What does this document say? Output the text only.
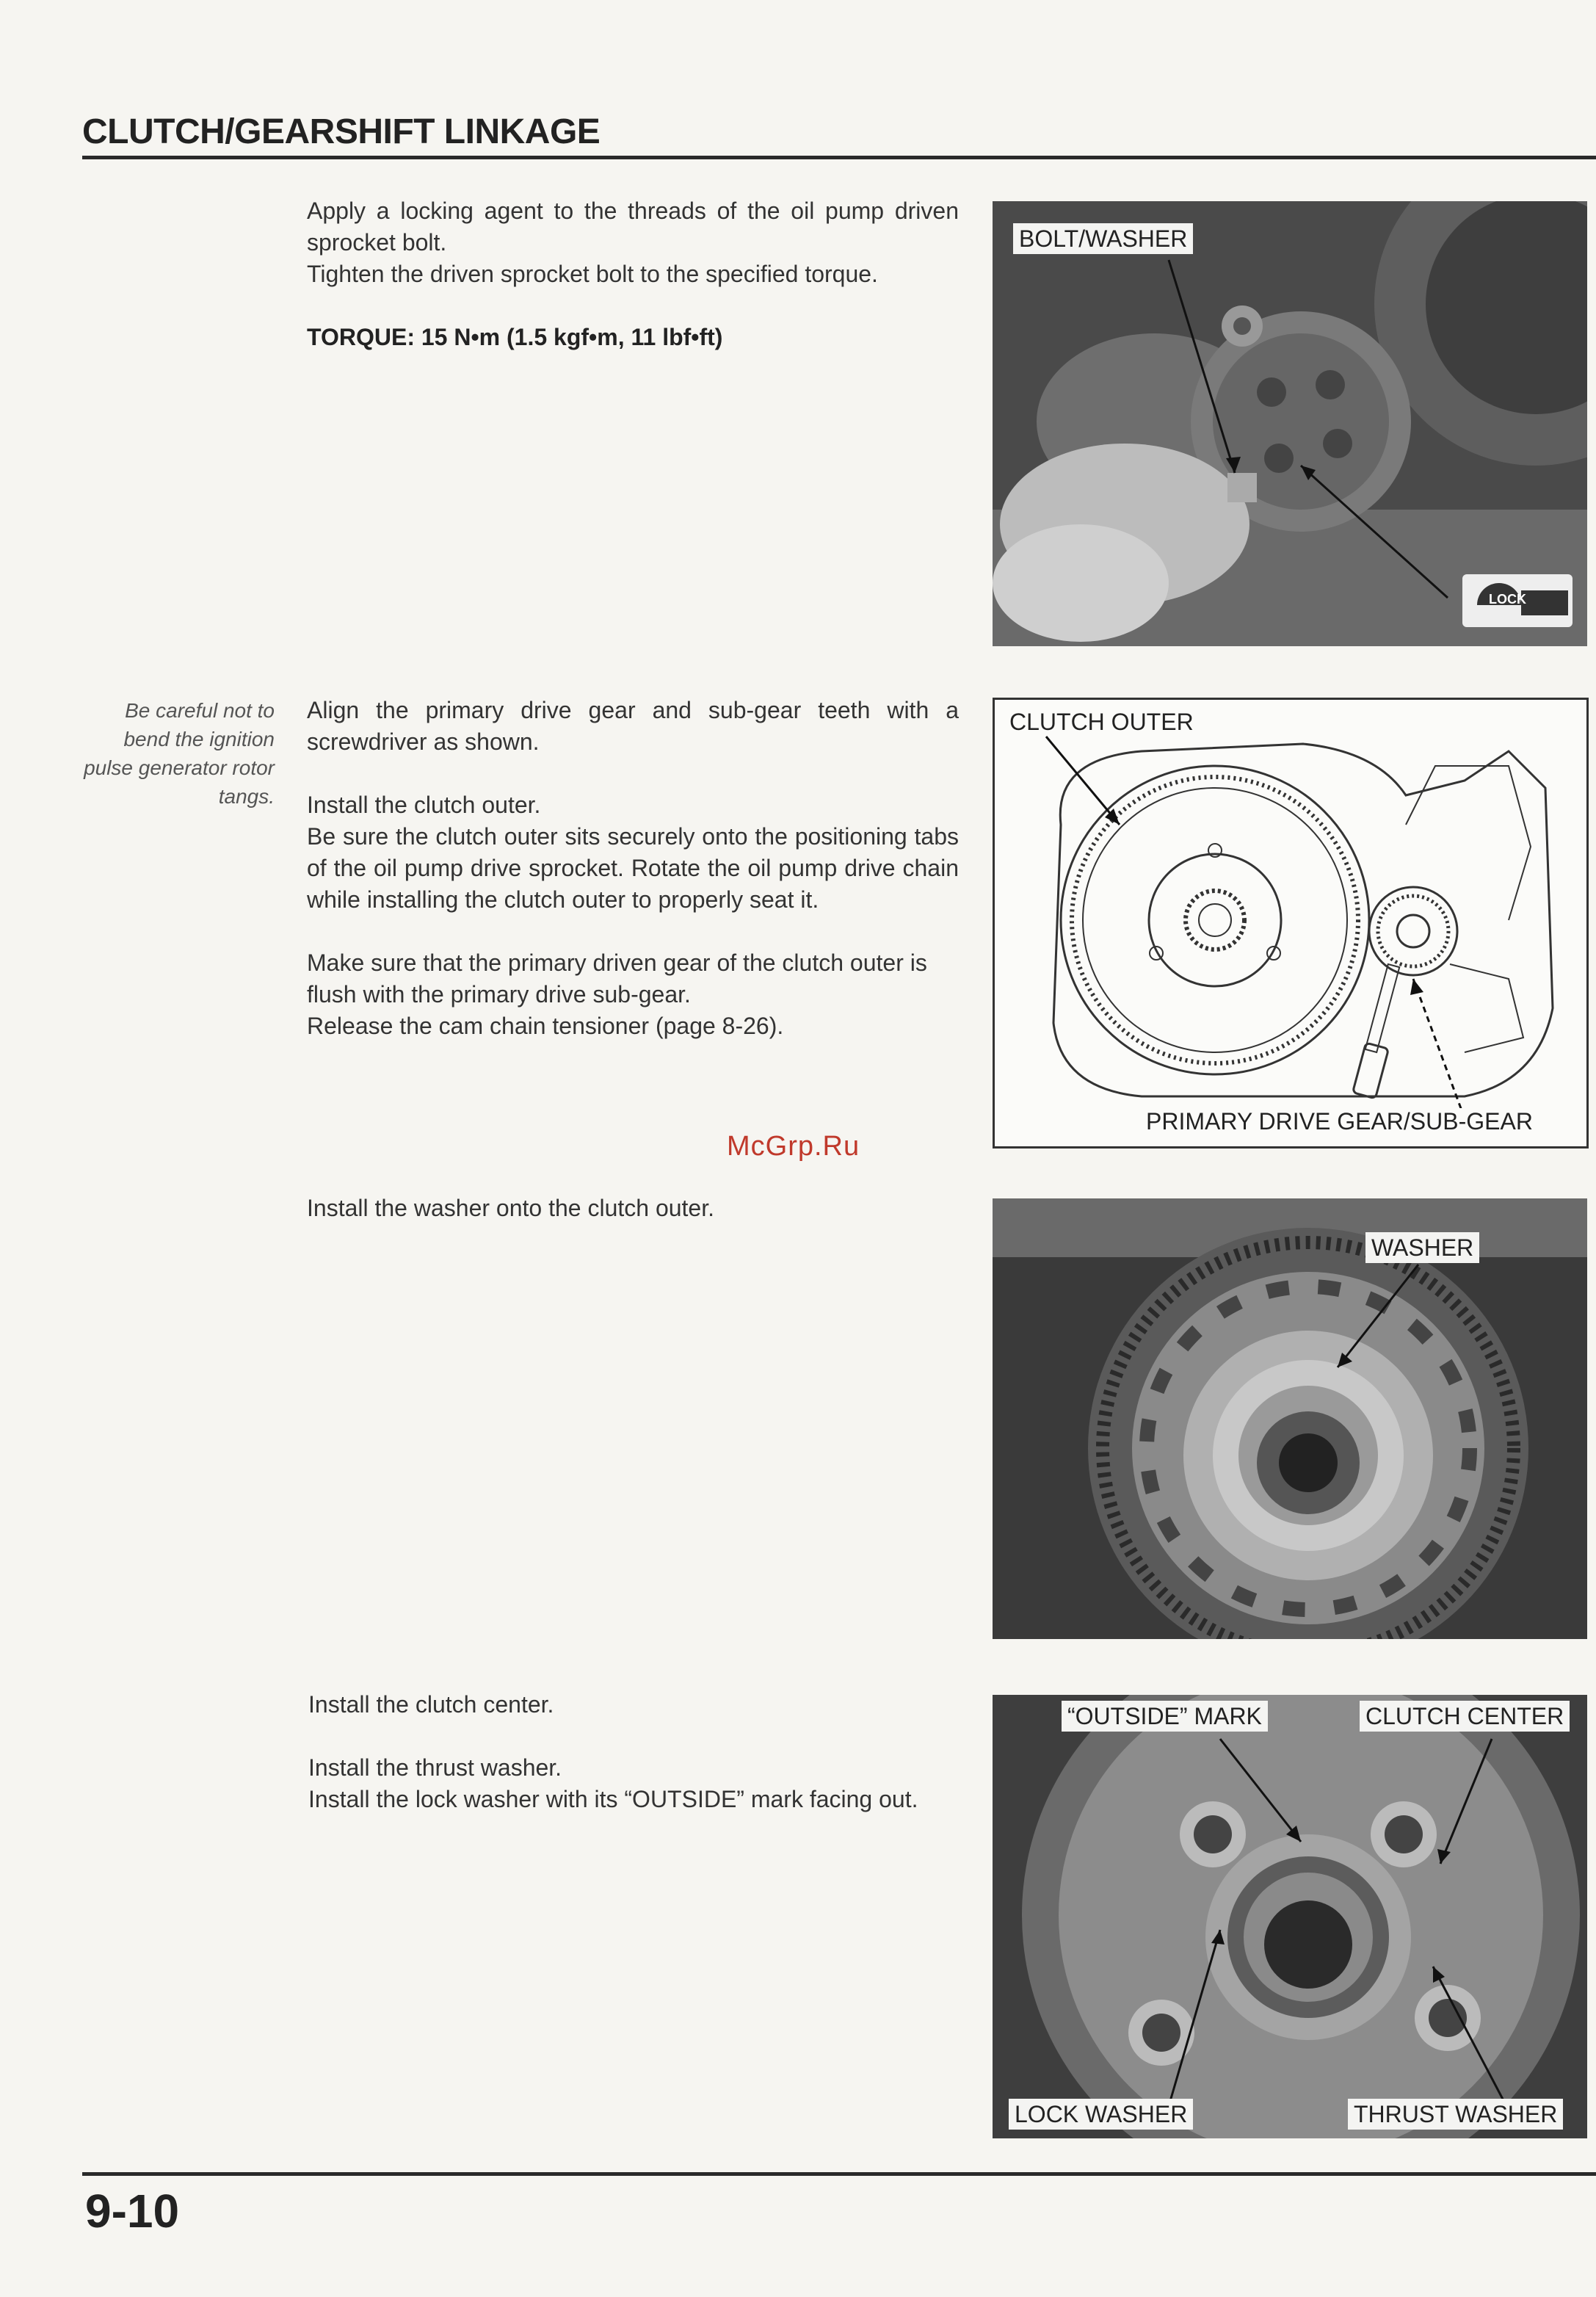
CLUTCH/GEARSHIFT LINKAGE

Apply a locking agent to the threads of the oil pump driven sprocket bolt.

Tighten the driven sprocket bolt to the specified torque.

TORQUE: 15 N•m (1.5 kgf•m, 11 lbf•ft)

BOLT/WASHER
LOCK
Be careful not to bend the ignition pulse generator rotor tangs.

Align the primary drive gear and sub-gear teeth with a screwdriver as shown.

Install the clutch outer.

Be sure the clutch outer sits securely onto the positioning tabs of the oil pump drive sprocket. Rotate the oil pump drive chain while installing the clutch outer to properly seat it.

Make sure that the primary driven gear of the clutch outer is flush with the primary drive sub-gear.

Release the cam chain tensioner (page 8-26).

CLUTCH OUTER
PRIMARY DRIVE GEAR/SUB-GEAR
McGrp.Ru

Install the washer onto the clutch outer.

WASHER

Install the clutch center.

Install the thrust washer.

Install the lock washer with its “OUTSIDE” mark facing out.

“OUTSIDE” MARK	CLUTCH CENTER
LOCK WASHER	THRUST WASHER
9-10
